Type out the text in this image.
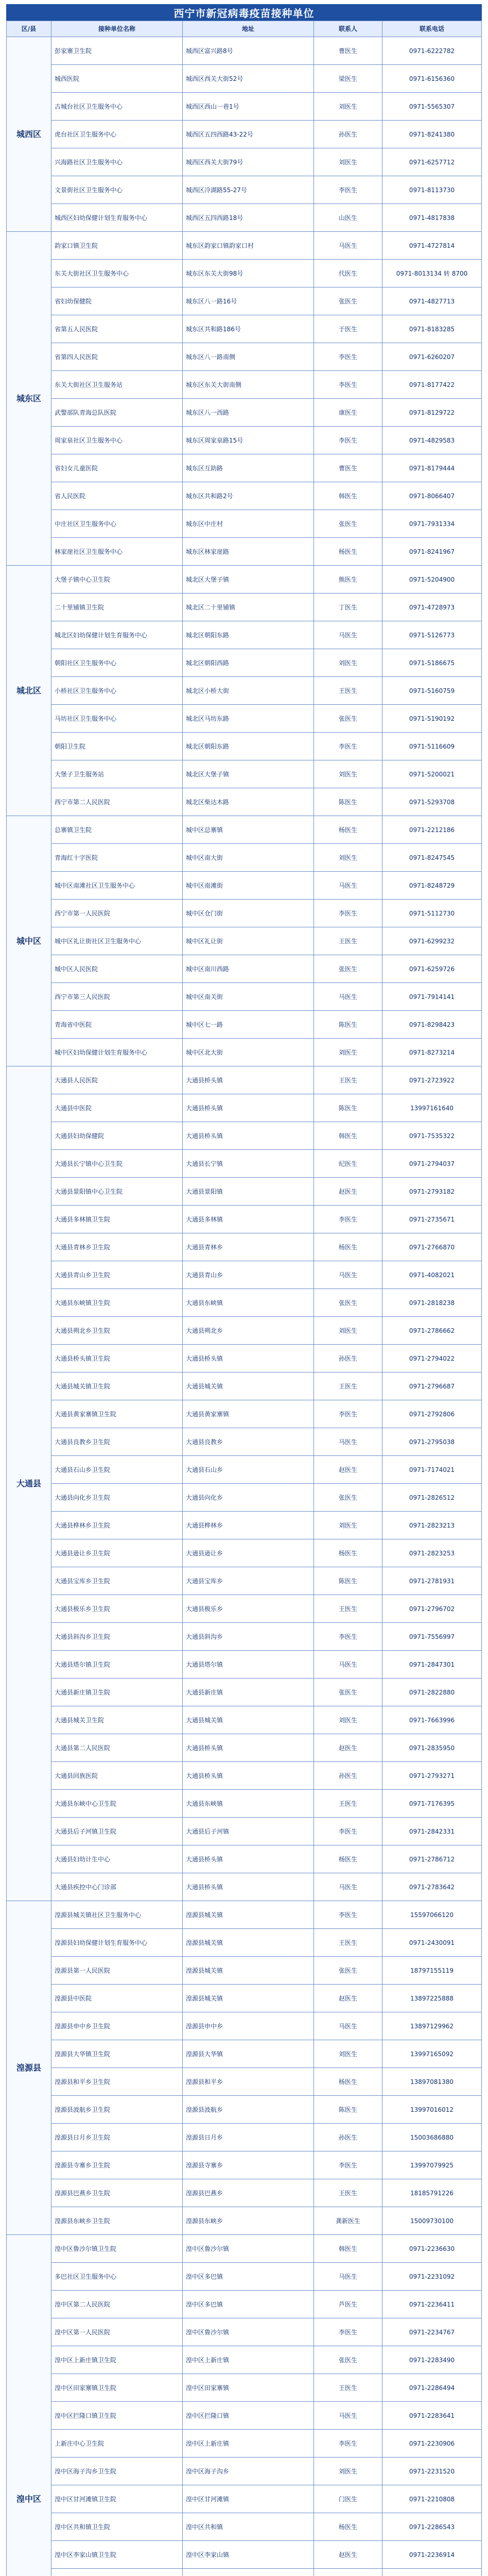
西宁市新冠病毒疫苗接种单位
区/县	接种单位名称	地址	联系人	联系电话
城西区	彭家寨卫生院	城西区富兴路8号	曹医生	0971-6222782
	城西医院	城西区西关大街52号	梁医生	0971-6156360
	古城台社区卫生服务中心	城西区西山一巷1号	刘医生	0971-5565307
	虎台社区卫生服务中心	城西区五四西路43-22号	孙医生	0971-8241380
	兴海路社区卫生服务中心	城西区西关大街79号	刘医生	0971-6257712
	文景街社区卫生服务中心	城西区冷湖路55-27号	李医生	0971-8113730
	城西区妇幼保健计划生育服务中心	城西区五四西路18号	山医生	0971-4817838
城东区	韵家口镇卫生院	城东区韵家口镇韵家口村	马医生	0971-4727814
	东关大街社区卫生服务中心	城东区东关大街98号	代医生	0971-8013134 转 8700
	省妇幼保健院	城东区八一路16号	张医生	0971-4827713
	省第五人民医院	城东区共和路186号	于医生	0971-8183285
	省第四人民医院	城东区八一路南侧	李医生	0971-6260207
	东关大街社区卫生服务站	城东区东关大街南侧	李医生	0971-8177422
	武警部队青海总队医院	城东区八一西路	康医生	0971-8129722
	周家泉社区卫生服务中心	城东区周家泉路15号	李医生	0971-4829583
	省妇女儿童医院	城东区互助路	曹医生	0971-8179444
	省人民医院	城东区共和路2号	韩医生	0971-8066407
	中庄社区卫生服务中心	城东区中庄村	张医生	0971-7931334
	林家崖社区卫生服务中心	城东区林家崖路	杨医生	0971-8241967
城北区	大堡子镇中心卫生院	城北区大堡子镇	熊医生	0971-5204900
	二十里铺镇卫生院	城北区二十里铺镇	丁医生	0971-4728973
	城北区妇幼保健计划生育服务中心	城北区朝阳东路	马医生	0971-5126773
	朝阳社区卫生服务中心	城北区朝阳西路	刘医生	0971-5186675
	小桥社区卫生服务中心	城北区小桥大街	王医生	0971-5160759
	马坊社区卫生服务中心	城北区马坊东路	张医生	0971-5190192
	朝阳卫生院	城北区朝阳东路	李医生	0971-5116609
	大堡子卫生服务站	城北区大堡子镇	刘医生	0971-5200021
	西宁市第二人民医院	城北区柴达木路	陈医生	0971-5293708
城中区	总寨镇卫生院	城中区总寨镇	杨医生	0971-2212186
	青海红十字医院	城中区南大街	刘医生	0971-8247545
	城中区南滩社区卫生服务中心	城中区南滩街	马医生	0971-8248729
	西宁市第一人民医院	城中区仓门街	李医生	0971-5112730
	城中区礼让街社区卫生服务中心	城中区礼让街	王医生	0971-6299232
	城中区人民医院	城中区南川西路	张医生	0971-6259726
	西宁市第三人民医院	城中区南关街	马医生	0971-7914141
	青海省中医院	城中区七一路	陈医生	0971-8298423
	城中区妇幼保健计划生育服务中心	城中区北大街	刘医生	0971-8273214
大通县	大通县人民医院	大通县桥头镇	王医生	0971-2723922
	大通县中医院	大通县桥头镇	陈医生	13997161640
	大通县妇幼保健院	大通县桥头镇	韩医生	0971-7535322
	大通县长宁镇中心卫生院	大通县长宁镇	纪医生	0971-2794037
	大通县景阳镇中心卫生院	大通县景阳镇	赵医生	0971-2793182
	大通县多林镇卫生院	大通县多林镇	李医生	0971-2735671
	大通县青林乡卫生院	大通县青林乡	杨医生	0971-2766870
	大通县青山乡卫生院	大通县青山乡	马医生	0971-4082021
	大通县东峡镇卫生院	大通县东峡镇	张医生	0971-2818238
	大通县朔北乡卫生院	大通县朔北乡	刘医生	0971-2786662
	大通县桥头镇卫生院	大通县桥头镇	孙医生	0971-2794022
	大通县城关镇卫生院	大通县城关镇	王医生	0971-2796687
	大通县黄家寨镇卫生院	大通县黄家寨镇	李医生	0971-2792806
	大通县良教乡卫生院	大通县良教乡	马医生	0971-2795038
	大通县石山乡卫生院	大通县石山乡	赵医生	0971-7174021
	大通县向化乡卫生院	大通县向化乡	张医生	0971-2826512
	大通县桦林乡卫生院	大通县桦林乡	刘医生	0971-2823213
	大通县逊让乡卫生院	大通县逊让乡	杨医生	0971-2823253
	大通县宝库乡卫生院	大通县宝库乡	陈医生	0971-2781931
	大通县极乐乡卫生院	大通县极乐乡	王医生	0971-2796702
	大通县斜沟乡卫生院	大通县斜沟乡	李医生	0971-7556997
	大通县塔尔镇卫生院	大通县塔尔镇	马医生	0971-2847301
	大通县新庄镇卫生院	大通县新庄镇	张医生	0971-2822880
	大通县城关卫生院	大通县城关镇	刘医生	0971-7663996
	大通县第二人民医院	大通县桥头镇	赵医生	0971-2835950
	大通县回族医院	大通县桥头镇	孙医生	0971-2793271
	大通县东峡中心卫生院	大通县东峡镇	王医生	0971-7176395
	大通县后子河镇卫生院	大通县后子河镇	李医生	0971-2842331
	大通县妇幼计生中心	大通县桥头镇	杨医生	0971-2786712
	大通县疾控中心门诊部	大通县桥头镇	马医生	0971-2783642
湟源县	湟源县城关镇社区卫生服务中心	湟源县城关镇	李医生	15597066120
	湟源县妇幼保健计划生育服务中心	湟源县城关镇	王医生	0971-2430091
	湟源县第一人民医院	湟源县城关镇	张医生	18797155119
	湟源县中医院	湟源县城关镇	赵医生	13897225888
	湟源县申中乡卫生院	湟源县申中乡	马医生	13897129962
	湟源县大华镇卫生院	湟源县大华镇	刘医生	13997165092
	湟源县和平乡卫生院	湟源县和平乡	杨医生	13897081380
	湟源县波航乡卫生院	湟源县波航乡	陈医生	13997016012
	湟源县日月乡卫生院	湟源县日月乡	孙医生	15003686880
	湟源县寺寨乡卫生院	湟源县寺寨乡	李医生	13997079925
	湟源县巴燕乡卫生院	湟源县巴燕乡	王医生	18185791226
	湟源县东峡乡卫生院	湟源县东峡乡	龚新医生	15009730100
湟中区	湟中区鲁沙尔镇卫生院	湟中区鲁沙尔镇	韩医生	0971-2236630
	多巴社区卫生服务中心	湟中区多巴镇	马医生	0971-2231092
	湟中区第二人民医院	湟中区多巴镇	芦医生	0971-2236411
	湟中区第一人民医院	湟中区鲁沙尔镇	李医生	0971-2234767
	湟中区上新庄镇卫生院	湟中区上新庄镇	张医生	0971-2283490
	湟中区田家寨镇卫生院	湟中区田家寨镇	王医生	0971-2286494
	湟中区拦隆口镇卫生院	湟中区拦隆口镇	马医生	0971-2283641
	上新庄中心卫生院	湟中区上新庄镇	李医生	0971-2230906
	湟中区海子沟乡卫生院	湟中区海子沟乡	刘医生	0971-2231520
	湟中区甘河滩镇卫生院	湟中区甘河滩镇	门医生	0971-2210808
	湟中区共和镇卫生院	湟中区共和镇	杨医生	0971-2286543
	湟中区李家山镇卫生院	湟中区李家山镇	赵医生	0971-2236914
